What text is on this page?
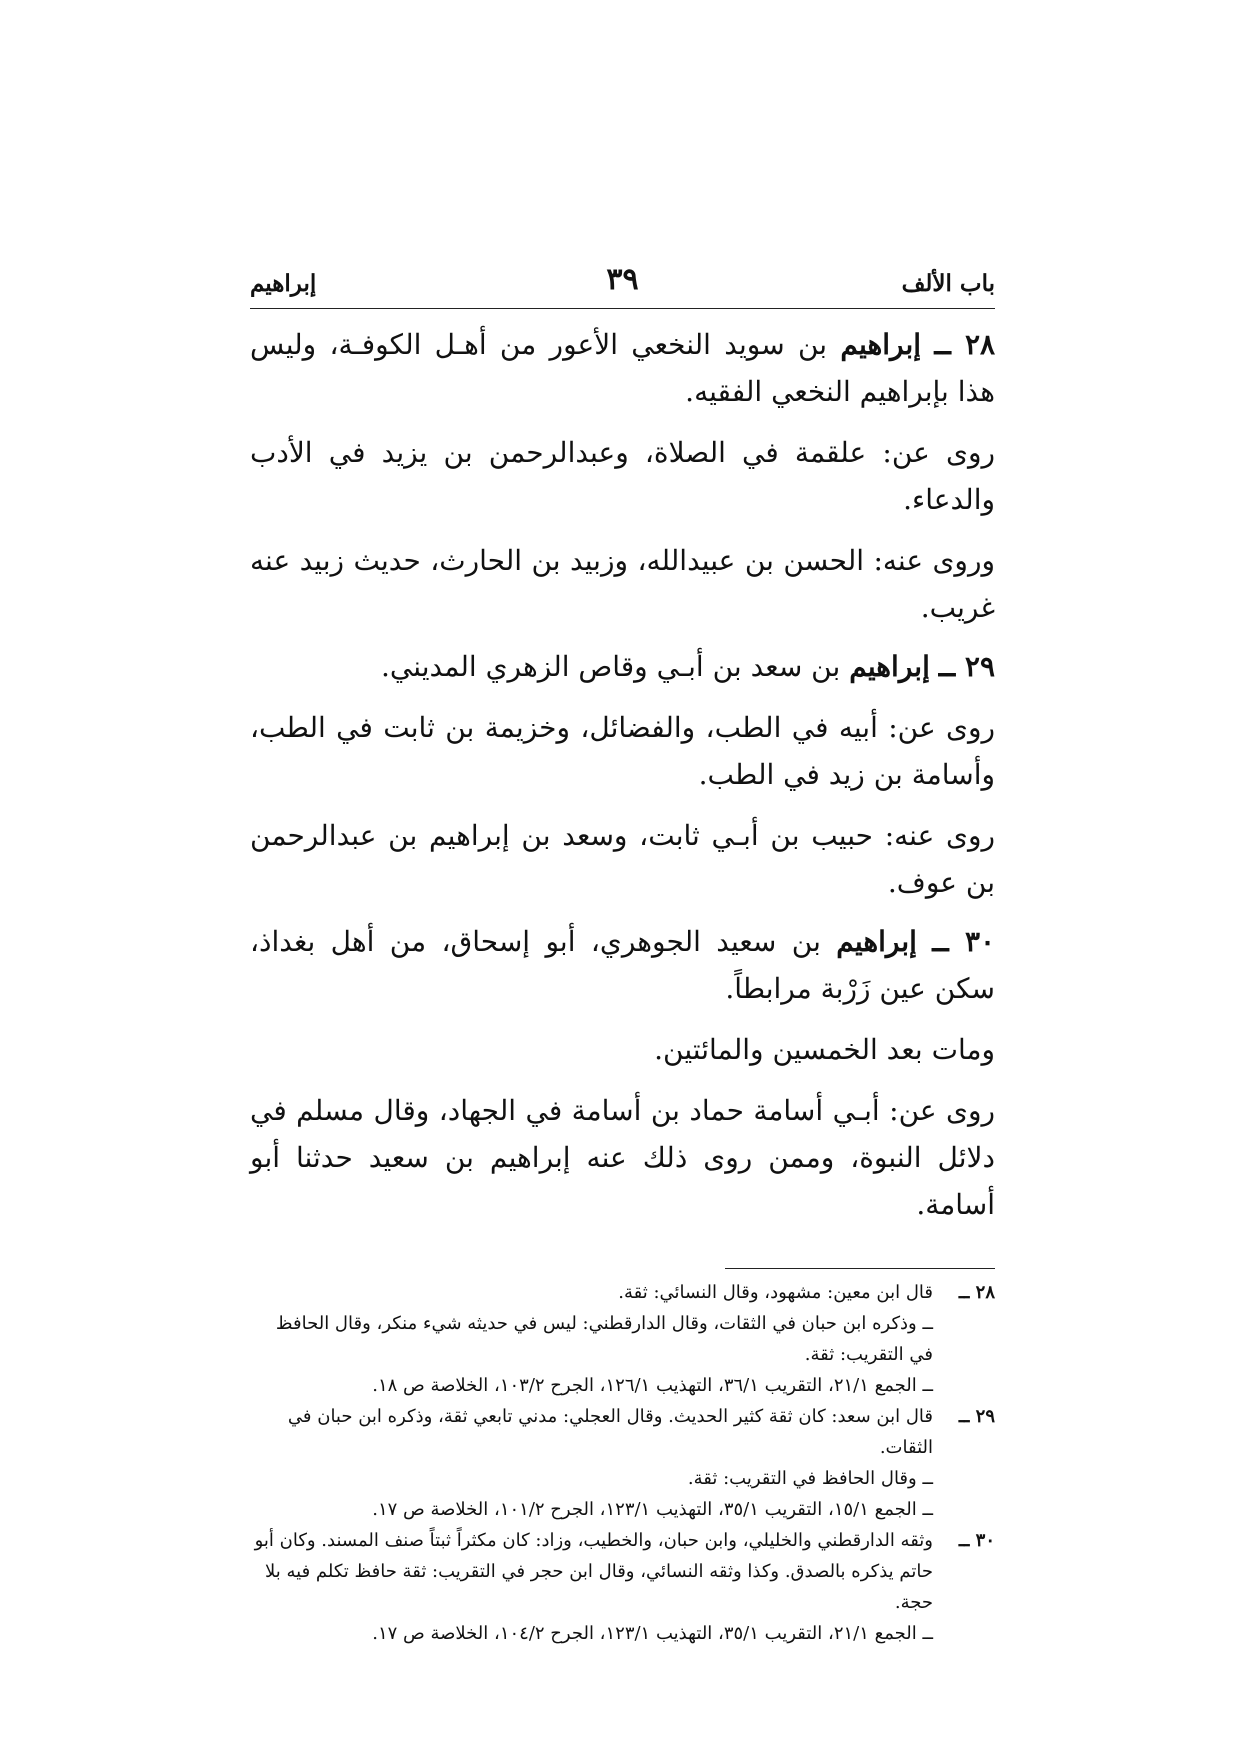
باب الألف
٣٩
إبراهيم

٢٨ ــ إبراهيم بن سويد النخعي الأعور من أهـل الكوفـة، وليس هذا بإبراهيم النخعي الفقيه.

روى عن: علقمة في الصلاة، وعبدالرحمن بن يزيد في الأدب والدعاء.

وروى عنه: الحسن بن عبيدالله، وزبيد بن الحارث، حديث زبيد عنه غريب.

٢٩ ــ إبراهيم بن سعد بن أبـي وقاص الزهري المديني.

روى عن: أبيه في الطب، والفضائل، وخزيمة بن ثابت في الطب، وأسامة بن زيد في الطب.

روى عنه: حبيب بن أبـي ثابت، وسعد بن إبراهيم بن عبدالرحمن بن عوف.

٣٠ ــ إبراهيم بن سعيد الجوهري، أبو إسحاق، من أهل بغداذ، سكن عين زَرْبة مرابطاً.

ومات بعد الخمسين والمائتين.

روى عن: أبـي أسامة حماد بن أسامة في الجهاد، وقال مسلم في دلائل النبوة، وممن روى ذلك عنه إبراهيم بن سعيد حدثنا أبو أسامة.

٢٨ ــ

قال ابن معين: مشهود، وقال النسائي: ثقة.

ــ وذكره ابن حبان في الثقات، وقال الدارقطني: ليس في حديثه شيء منكر، وقال الحافظ في التقريب: ثقة.

ــ الجمع ٢١/١، التقريب ٣٦/١، التهذيب ١٢٦/١، الجرح ١٠٣/٢، الخلاصة ص ١٨.

٢٩ ــ

قال ابن سعد: كان ثقة كثير الحديث. وقال العجلي: مدني تابعي ثقة، وذكره ابن حبان في الثقات.

ــ وقال الحافظ في التقريب: ثقة.

ــ الجمع ١٥/١، التقريب ٣٥/١، التهذيب ١٢٣/١، الجرح ١٠١/٢، الخلاصة ص ١٧.

٣٠ ــ

وثقه الدارقطني والخليلي، وابن حبان، والخطيب، وزاد: كان مكثراً ثبتاً صنف المسند. وكان أبو حاتم يذكره بالصدق. وكذا وثقه النسائي، وقال ابن حجر في التقريب: ثقة حافظ تكلم فيه بلا حجة.

ــ الجمع ٢١/١، التقريب ٣٥/١، التهذيب ١٢٣/١، الجرح ١٠٤/٢، الخلاصة ص ١٧.
